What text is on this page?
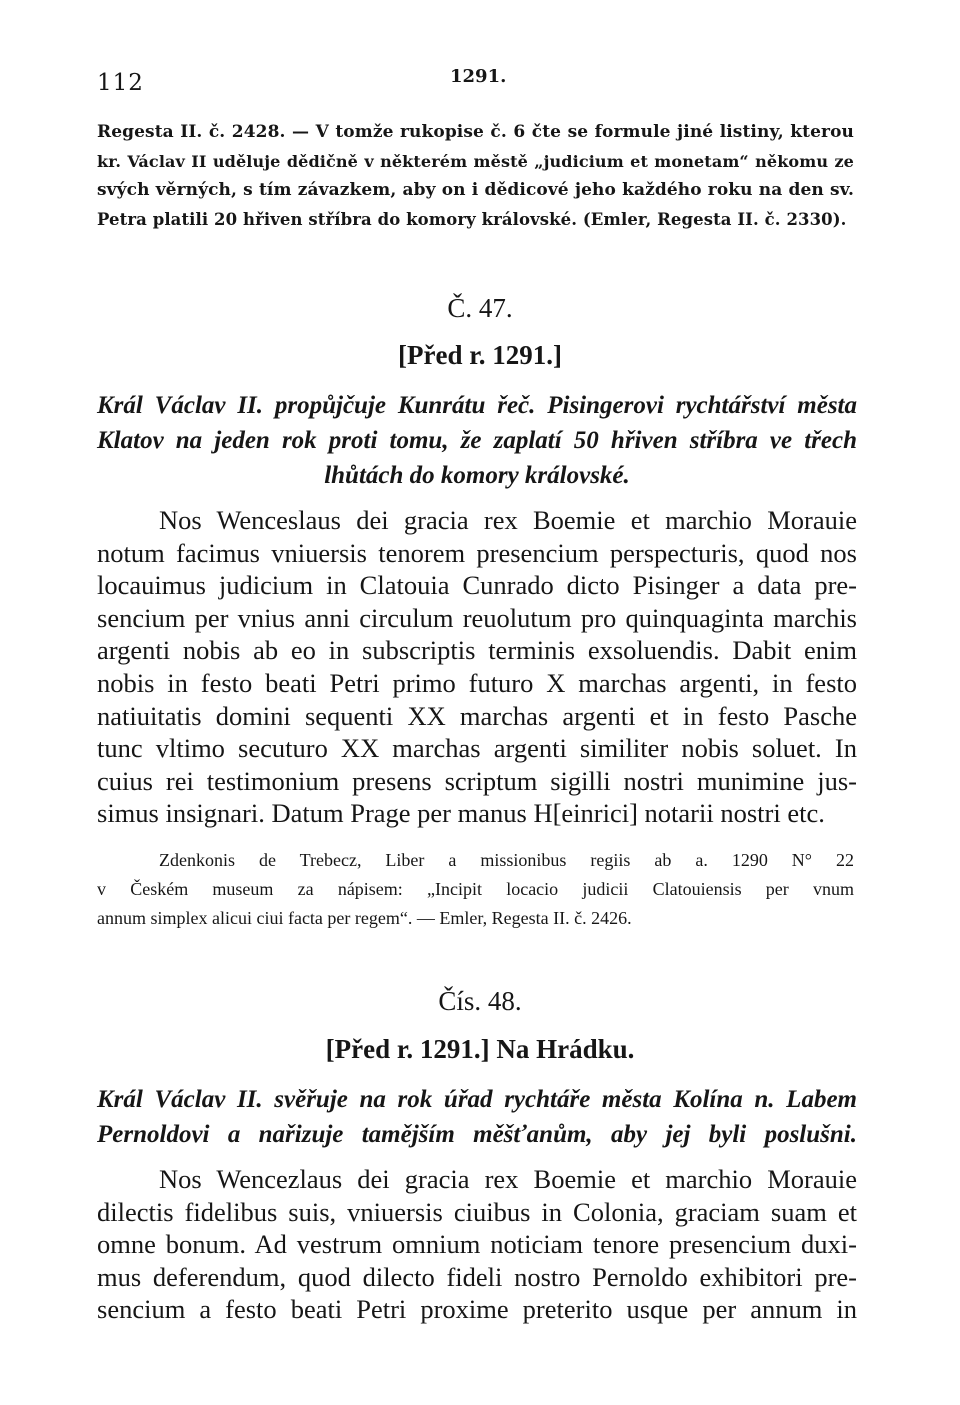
112	1291.
Regesta II. č. 2428. — V tomže rukopise č. 6 čte se formule jiné listiny, kterou
kr. Václav II uděluje dědičně v některém městě „judicium et monetam“ někomu ze
svých věrných, s tím závazkem, aby on i dědicové jeho každého roku na den sv.
Petra platili 20 hřiven stříbra do komory královské. (Emler, Regesta II. č. 2330).
Č. 47.
[Před r. 1291.]
Král Václav II. propůjčuje Kunrátu řeč. Pisingerovi rychtářství města
Klatov na jeden rok proti tomu, že zaplatí 50 hřiven stříbra ve třech
lhůtách do komory královské.
Nos Wenceslaus dei gracia rex Boemie et marchio Morauie
notum facimus vniuersis tenorem presencium perspecturis, quod nos
locauimus judicium in Clatouia Cunrado dicto Pisinger a data pre-
sencium per vnius anni circulum reuolutum pro quinquaginta marchis
argenti nobis ab eo in subscriptis terminis exsoluendis. Dabit enim
nobis in festo beati Petri primo futuro X marchas argenti, in festo
natiuitatis domini sequenti XX marchas argenti et in festo Pasche
tunc vltimo secuturo XX marchas argenti similiter nobis soluet. In
cuius rei testimonium presens scriptum sigilli nostri munimine jus-
simus insignari. Datum Prage per manus H[einrici] notarii nostri etc.
Zdenkonis de Trebecz, Liber a missionibus regiis ab a. 1290 N° 22
v Českém museum za nápisem: „Incipit locacio judicii Clatouiensis per vnum
annum simplex alicui ciui facta per regem“. — Emler, Regesta II. č. 2426.
Čís. 48.
[Před r. 1291.] Na Hrádku.
Král Václav II. svěřuje na rok úřad rychtáře města Kolína n. Labem
Pernoldovi a nařizuje tamějším měšťanům, aby jej byli poslušni.
Nos Wencezlaus dei gracia rex Boemie et marchio Morauie
dilectis fidelibus suis, vniuersis ciuibus in Colonia, graciam suam et
omne bonum. Ad vestrum omnium noticiam tenore presencium duxi-
mus deferendum, quod dilecto fideli nostro Pernoldo exhibitori pre-
sencium a festo beati Petri proxime preterito usque per annum in
